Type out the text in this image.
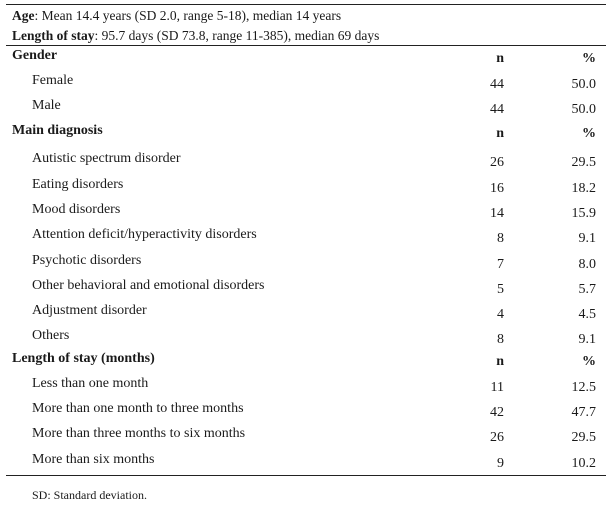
Age: Mean 14.4 years (SD 2.0, range 5-18), median 14 years
Length of stay: 95.7 days (SD 73.8, range 11-385), median 69 days
Gender	n	%
Female	44	50.0
Male	44	50.0
Main diagnosis	n	%
Autistic spectrum disorder	26	29.5
Eating disorders	16	18.2
Mood disorders	14	15.9
Attention deficit/hyperactivity disorders	8	9.1
Psychotic disorders	7	8.0
Other behavioral and emotional disorders	5	5.7
Adjustment disorder	4	4.5
Others	8	9.1
Length of stay (months)	n	%
Less than one month	11	12.5
More than one month to three months	42	47.7
More than three months to six months	26	29.5
More than six months	9	10.2
SD: Standard deviation.
